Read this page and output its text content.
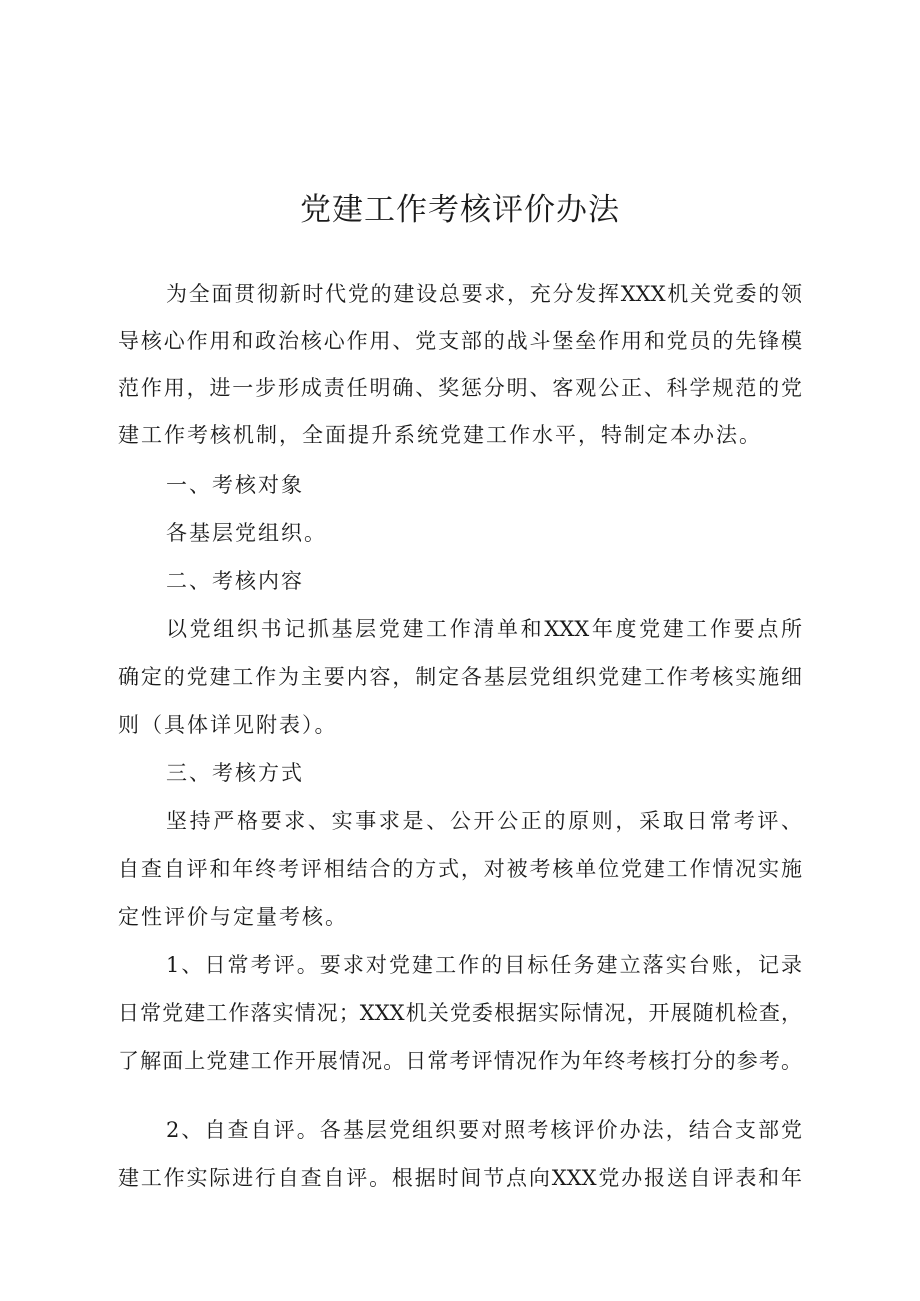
党建工作考核评价办法
为全面贯彻新时代党的建设总要求，充分发挥XXX机关党委的领
导核心作用和政治核心作用、党支部的战斗堡垒作用和党员的先锋模
范作用，进一步形成责任明确、奖惩分明、客观公正、科学规范的党
建工作考核机制，全面提升系统党建工作水平，特制定本办法。
一、考核对象
各基层党组织。
二、考核内容
以党组织书记抓基层党建工作清单和XXX年度党建工作要点所
确定的党建工作为主要内容，制定各基层党组织党建工作考核实施细
则（具体详见附表）。
三、考核方式
坚持严格要求、实事求是、公开公正的原则，采取日常考评、
自查自评和年终考评相结合的方式，对被考核单位党建工作情况实施
定性评价与定量考核。
1、日常考评。要求对党建工作的目标任务建立落实台账，记录
日常党建工作落实情况；XXX机关党委根据实际情况，开展随机检查，
了解面上党建工作开展情况。日常考评情况作为年终考核打分的参考。
2、自查自评。各基层党组织要对照考核评价办法，结合支部党
建工作实际进行自查自评。根据时间节点向XXX党办报送自评表和年
